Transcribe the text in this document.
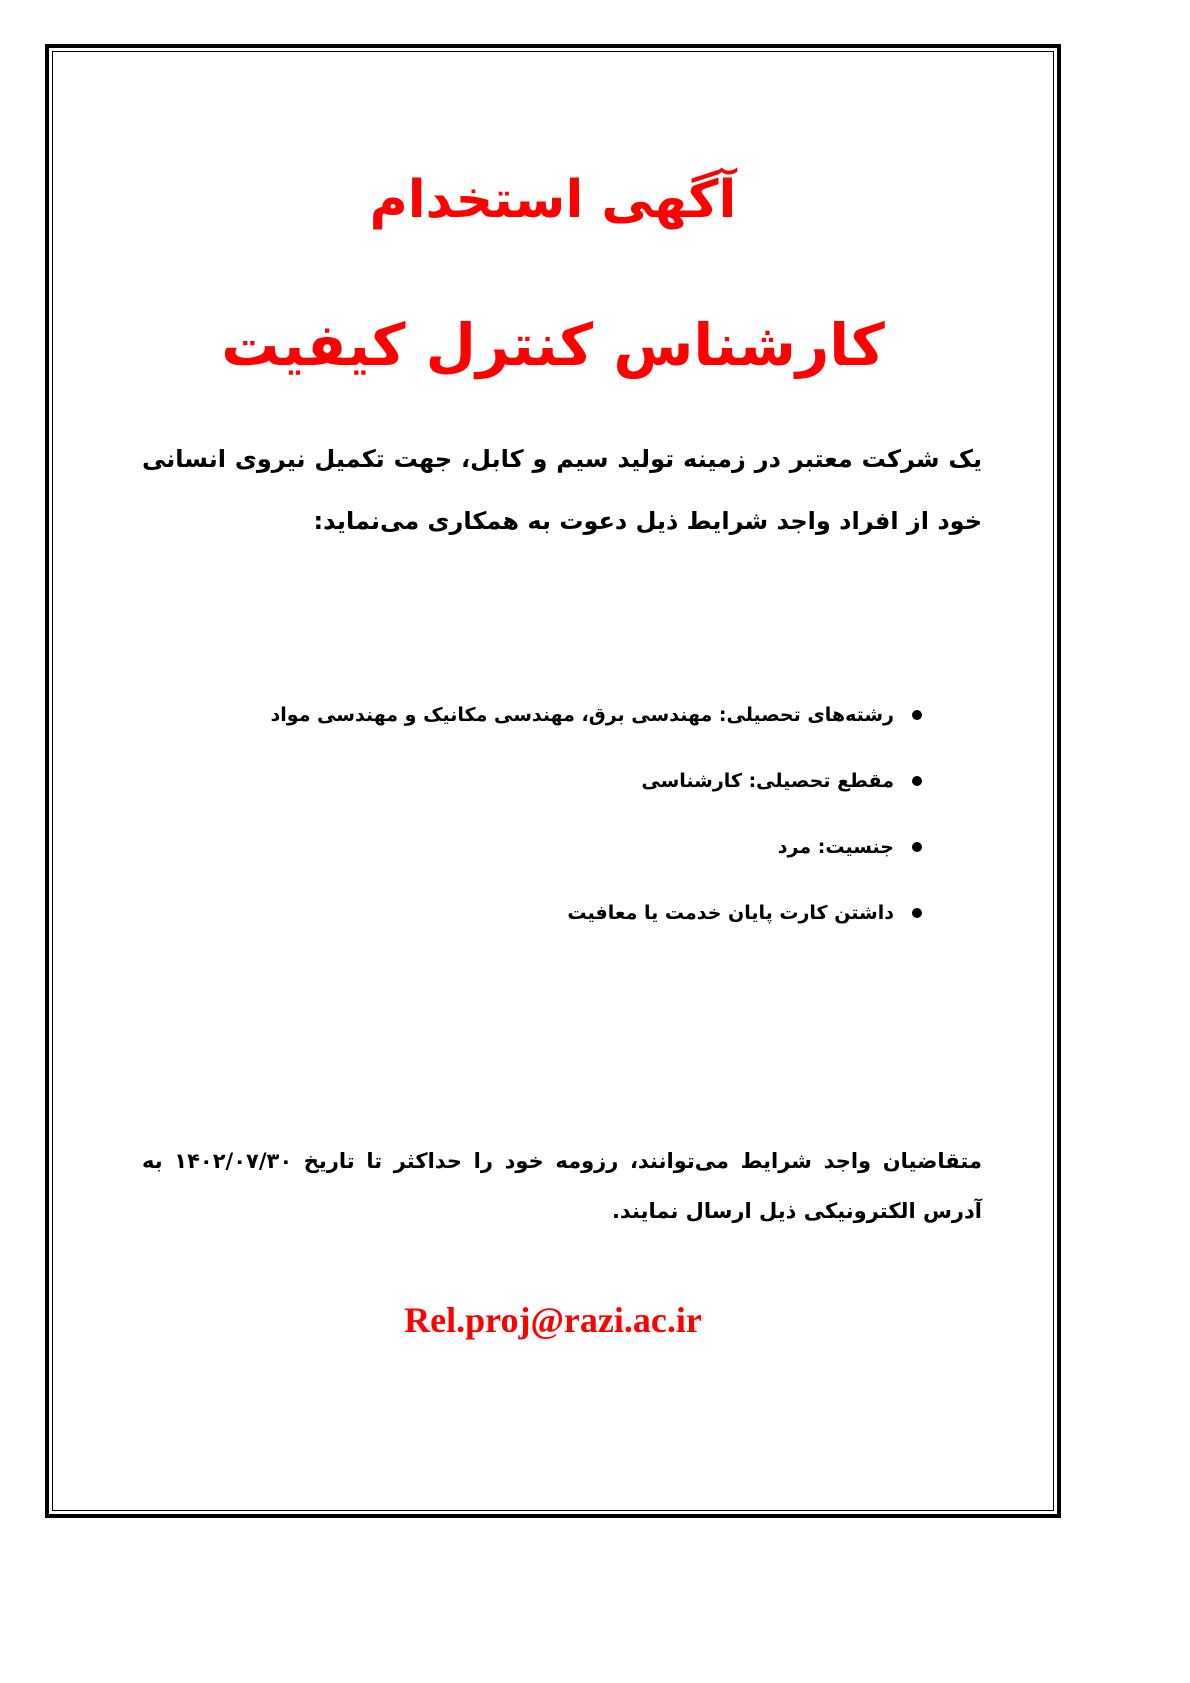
آگهی استخدام
کارشناس کنترل کیفیت

یک شرکت معتبر در زمینه تولید سیم و کابل، جهت تکمیل نیروی انسانی خود از افراد واجد شرایط ذیل دعوت به همکاری می‌نماید:

رشته‌های تحصیلی: مهندسی برق، مهندسی مکانیک و مهندسی مواد
مقطع تحصیلی: کارشناسی
جنسیت: مرد
داشتن کارت پایان خدمت یا معافیت

متقاضیان واجد شرایط می‌توانند، رزومه خود را حداکثر تا تاریخ ۱۴۰۲/۰۷/۳۰ به آدرس الکترونیکی ذیل ارسال نمایند.

Rel.proj@razi.ac.ir
